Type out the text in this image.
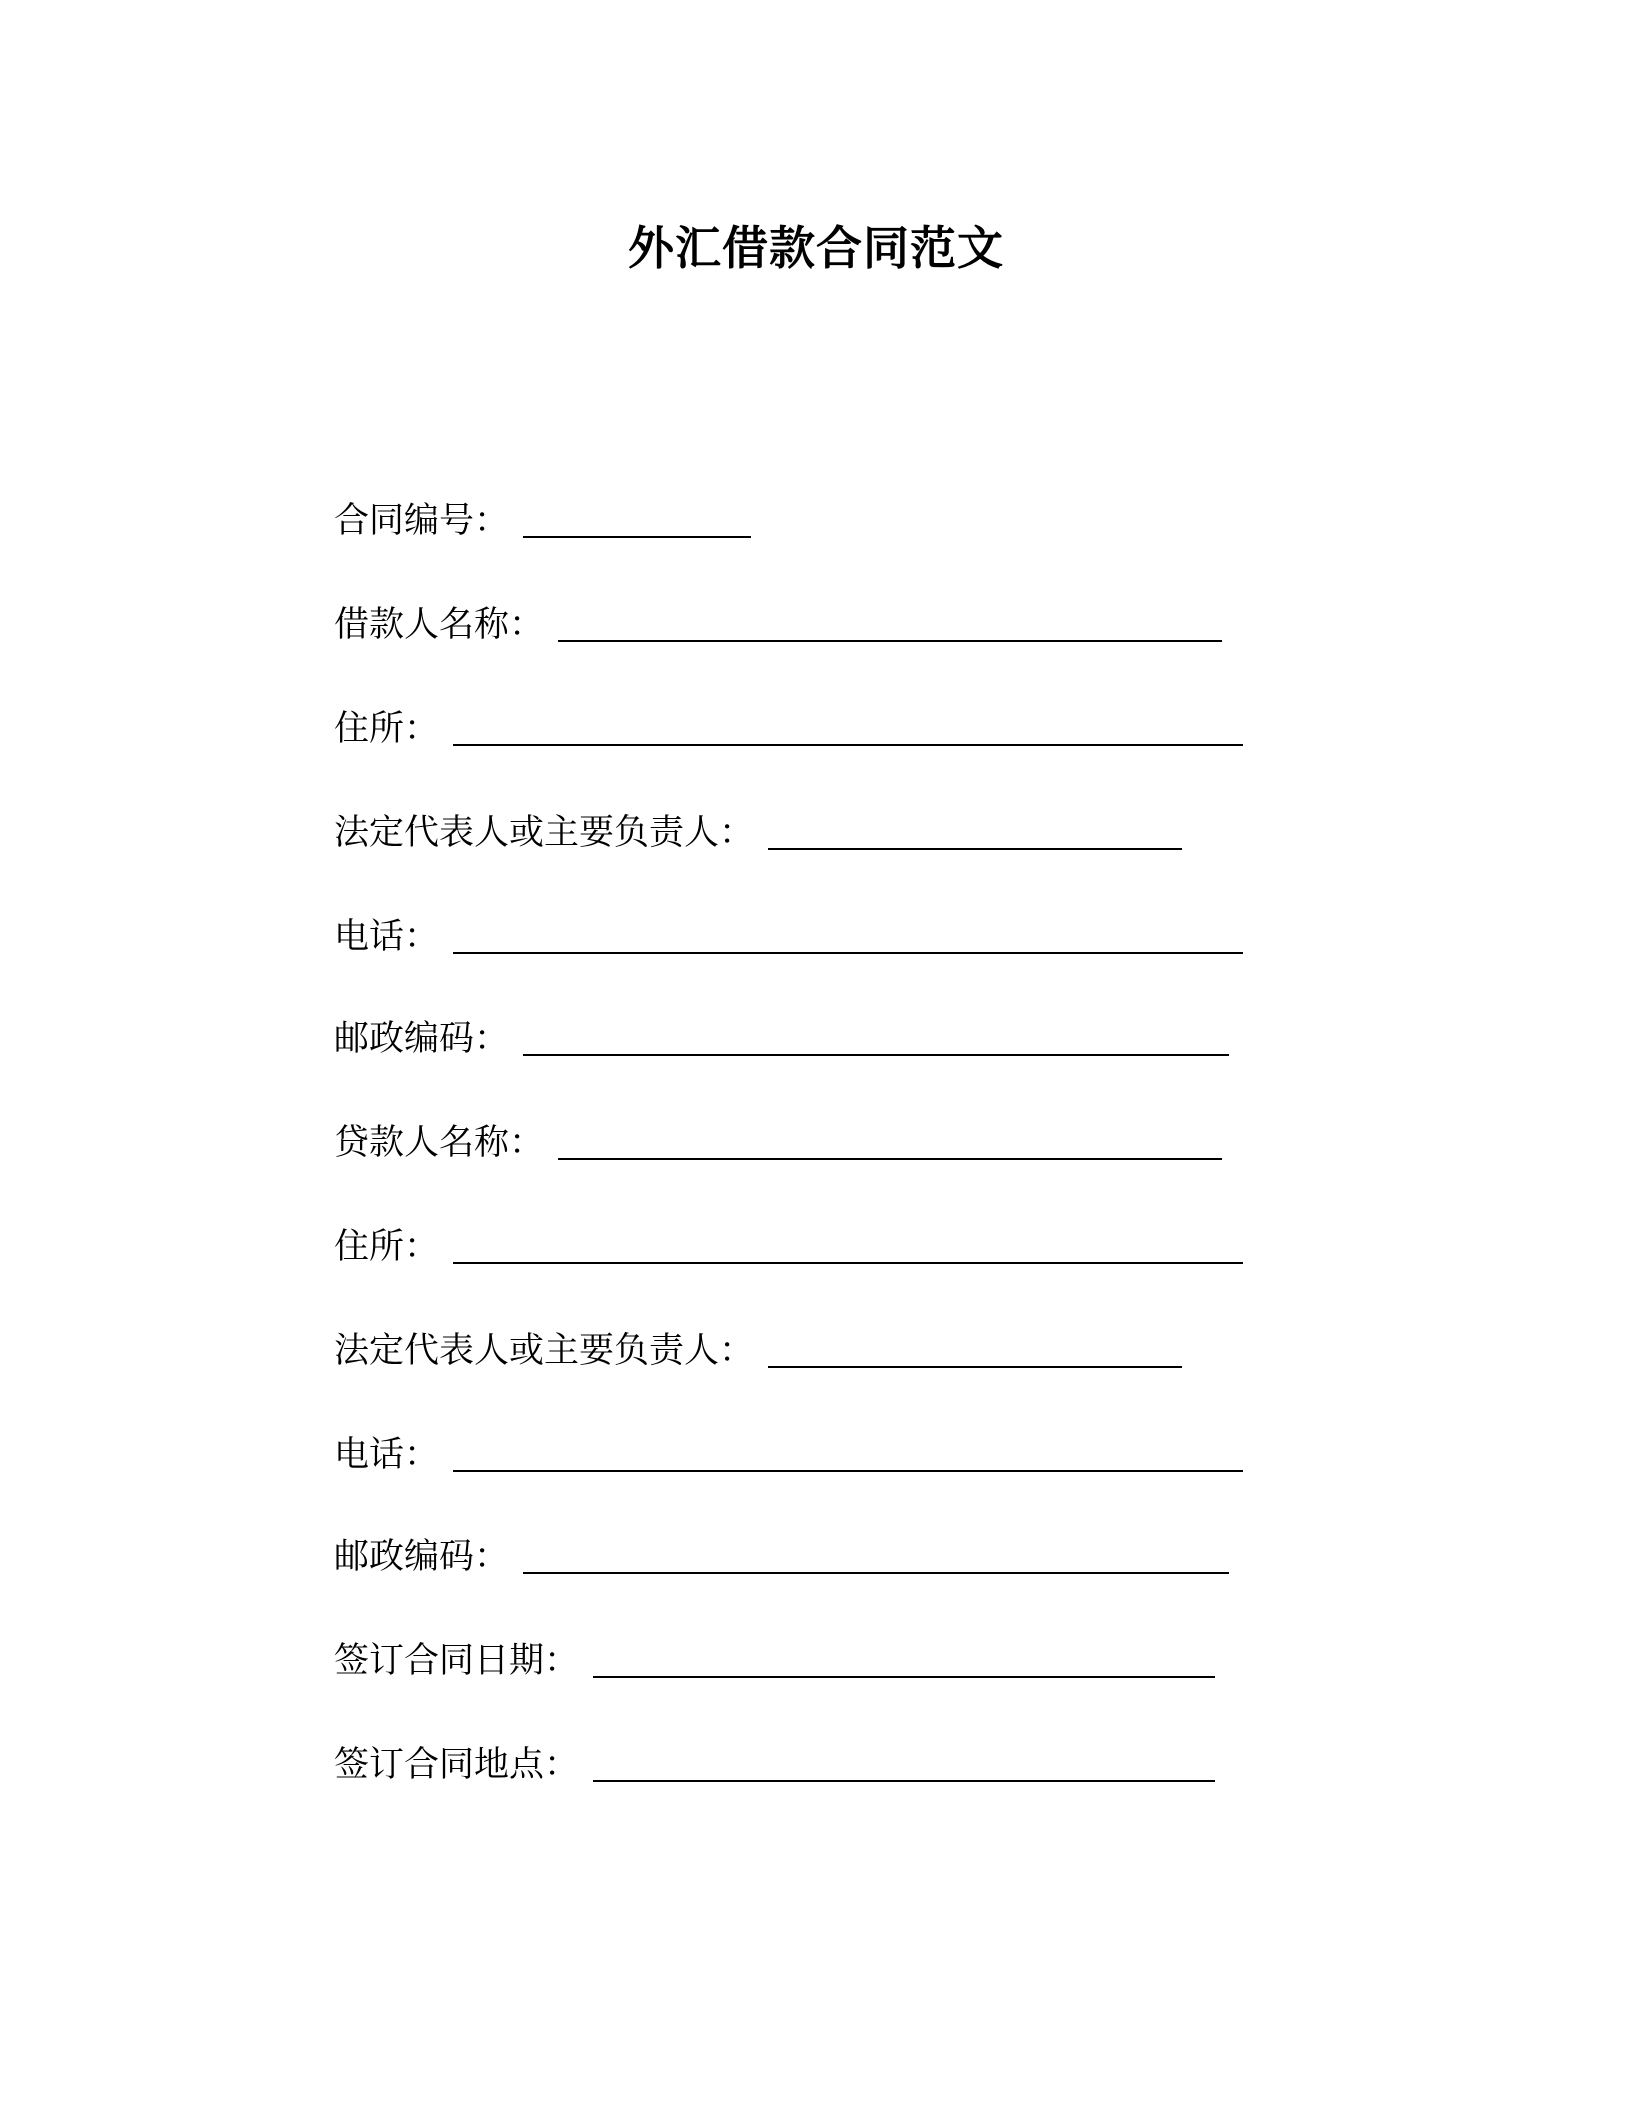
外汇借款合同范文
合同编号 ：
借款人名称 ：
住所 ：
法定代表人或主要负责人 ：
电话 ：
邮政编码 ：
贷款人名称 ：
住所 ：
法定代表人或主要负责人 ：
电话 ：
邮政编码 ：
签订合同日期 ：
签订合同地点 ：
